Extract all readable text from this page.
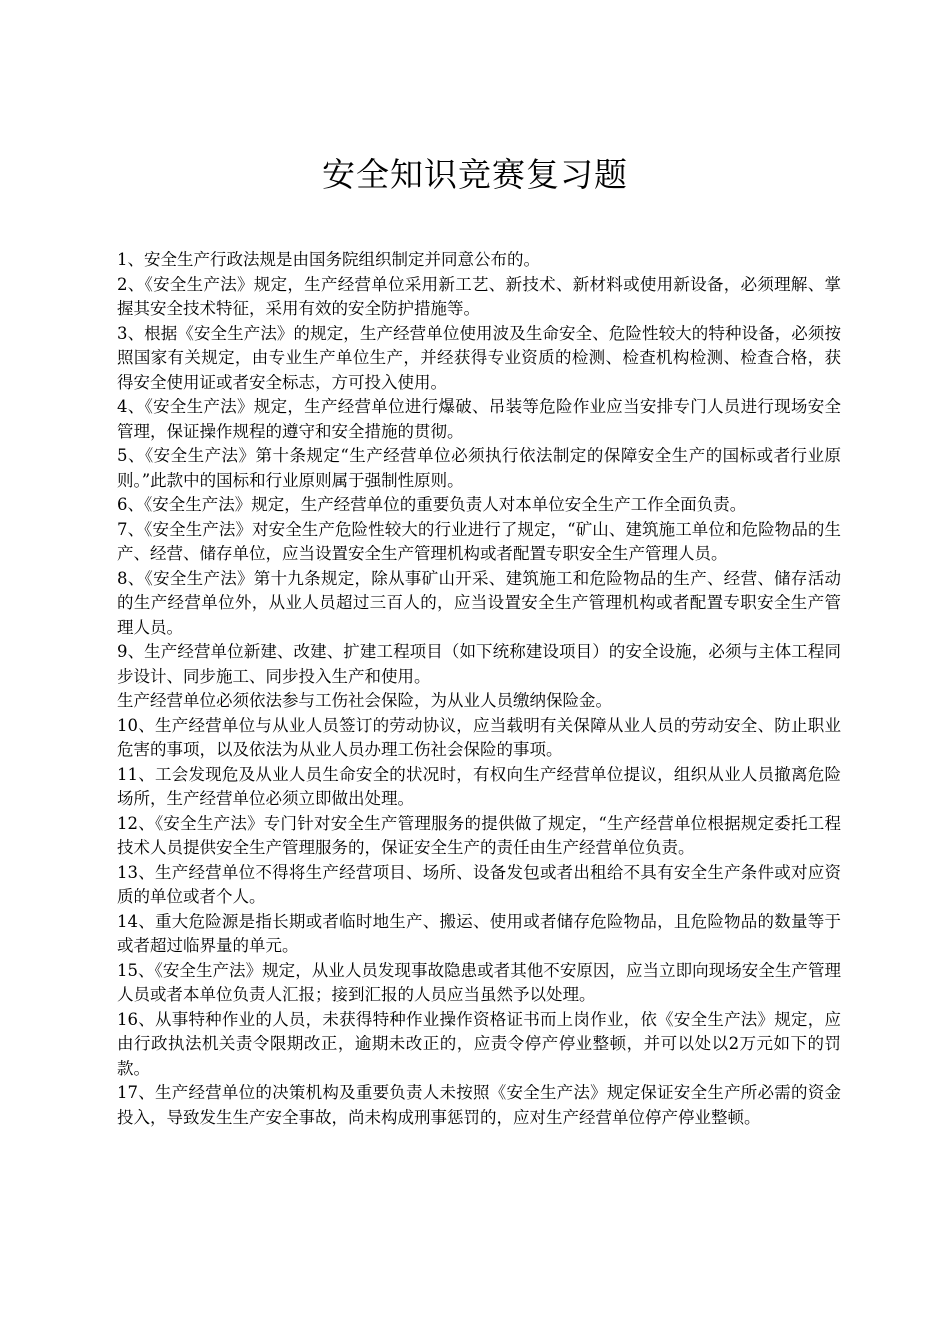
安全知识竞赛复习题

1、安全生产行政法规是由国务院组织制定并同意公布的。

2、《安全生产法》规定，生产经营单位采用新工艺、新技术、新材料或使用新设备，必须理解、掌握其安全技术特征，采用有效的安全防护措施等。

3、根据《安全生产法》的规定，生产经营单位使用波及生命安全、危险性较大的特种设备，必须按照国家有关规定，由专业生产单位生产，并经获得专业资质的检测、检查机构检测、检查合格，获得安全使用证或者安全标志，方可投入使用。

4、《安全生产法》规定，生产经营单位进行爆破、吊装等危险作业应当安排专门人员进行现场安全管理，保证操作规程的遵守和安全措施的贯彻。

5、《安全生产法》第十条规定“生产经营单位必须执行依法制定的保障安全生产的国标或者行业原则。”此款中的国标和行业原则属于强制性原则。

6、《安全生产法》规定，生产经营单位的重要负责人对本单位安全生产工作全面负责。

7、《安全生产法》对安全生产危险性较大的行业进行了规定，“矿山、建筑施工单位和危险物品的生产、经营、储存单位，应当设置安全生产管理机构或者配置专职安全生产管理人员。

8、《安全生产法》第十九条规定，除从事矿山开采、建筑施工和危险物品的生产、经营、储存活动的生产经营单位外，从业人员超过三百人的，应当设置安全生产管理机构或者配置专职安全生产管理人员。

9、生产经营单位新建、改建、扩建工程项目（如下统称建设项目）的安全设施，必须与主体工程同步设计、同步施工、同步投入生产和使用。

生产经营单位必须依法参与工伤社会保险，为从业人员缴纳保险金。

10、生产经营单位与从业人员签订的劳动协议，应当载明有关保障从业人员的劳动安全、防止职业危害的事项，以及依法为从业人员办理工伤社会保险的事项。

11、工会发现危及从业人员生命安全的状况时，有权向生产经营单位提议，组织从业人员撤离危险场所，生产经营单位必须立即做出处理。

12、《安全生产法》专门针对安全生产管理服务的提供做了规定，“生产经营单位根据规定委托工程技术人员提供安全生产管理服务的，保证安全生产的责任由生产经营单位负责。

13、生产经营单位不得将生产经营项目、场所、设备发包或者出租给不具有安全生产条件或对应资质的单位或者个人。

14、重大危险源是指长期或者临时地生产、搬运、使用或者储存危险物品，且危险物品的数量等于或者超过临界量的单元。

15、《安全生产法》规定，从业人员发现事故隐患或者其他不安原因，应当立即向现场安全生产管理人员或者本单位负责人汇报；接到汇报的人员应当虽然予以处理。

16、从事特种作业的人员，未获得特种作业操作资格证书而上岗作业，依《安全生产法》规定，应由行政执法机关责令限期改正，逾期未改正的，应责令停产停业整顿，并可以处以2万元如下的罚款。

17、生产经营单位的决策机构及重要负责人未按照《安全生产法》规定保证安全生产所必需的资金投入，导致发生生产安全事故，尚未构成刑事惩罚的，应对生产经营单位停产停业整顿。
